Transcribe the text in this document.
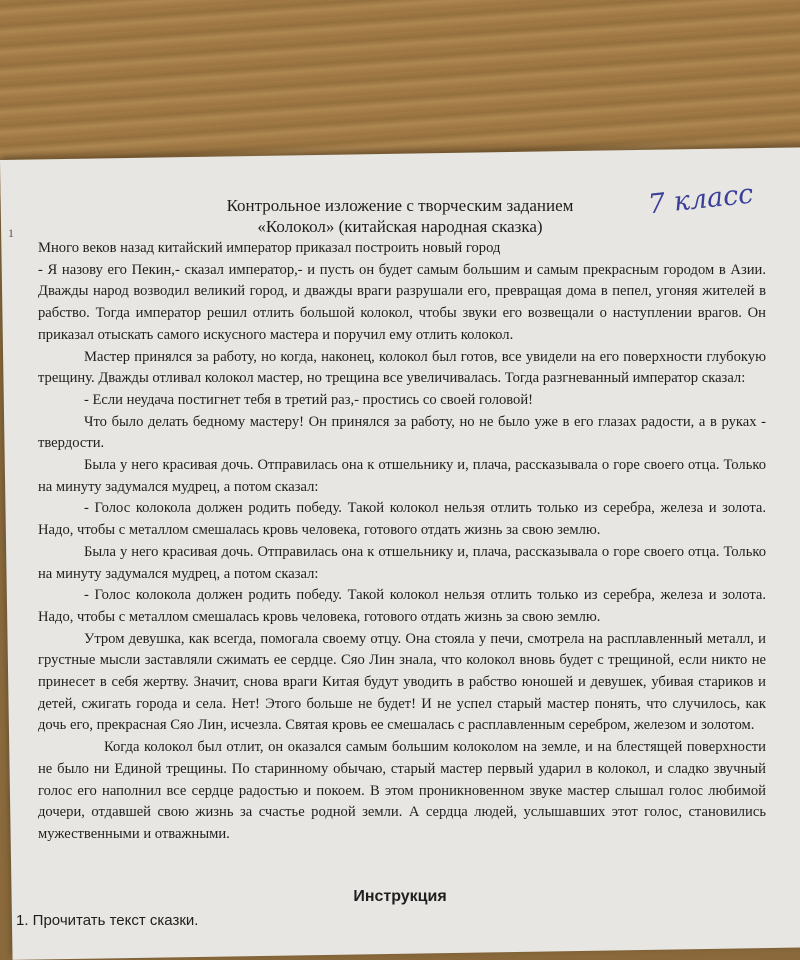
7 класс
1
Контрольное изложение с творческим заданием
«Колокол» (китайская народная сказка)

Много веков назад китайский император приказал построить новый город

- Я назову его Пекин,- сказал император,- и пусть он будет самым большим и самым прекрасным городом в Азии. Дважды народ возводил великий город, и дважды враги разрушали его, превращая дома в пепел, угоняя жителей в рабство. Тогда император решил отлить большой колокол, чтобы звуки его возвещали о наступлении врагов. Он приказал отыскать самого искусного мастера и поручил ему отлить колокол.

Мастер принялся за работу, но когда, наконец, колокол был готов, все увидели на его поверхности глубокую трещину. Дважды отливал колокол мастер, но трещина все увеличивалась. Тогда разгневанный император сказал:

- Если неудача постигнет тебя в третий раз,- простись со своей головой!

Что было делать бедному мастеру! Он принялся за работу, но не было уже в его глазах радости, а в руках - твердости.

Была у него красивая дочь. Отправилась она к отшельнику и, плача, рассказывала о горе своего отца. Только на минуту задумался мудрец, а потом сказал:

- Голос колокола должен родить победу. Такой колокол нельзя отлить только из серебра, железа и золота. Надо, чтобы с металлом смешалась кровь человека, готового отдать жизнь за свою землю.

Была у него красивая дочь. Отправилась она к отшельнику и, плача, рассказывала о горе своего отца. Только на минуту задумался мудрец, а потом сказал:

- Голос колокола должен родить победу. Такой колокол нельзя отлить только из серебра, железа и золота. Надо, чтобы с металлом смешалась кровь человека, готового отдать жизнь за свою землю.

Утром девушка, как всегда, помогала своему отцу. Она стояла у печи, смотрела на расплавленный металл, и грустные мысли заставляли сжимать ее сердце. Сяо Лин знала, что колокол вновь будет с трещиной, если никто не принесет в себя жертву. Значит, снова враги Китая будут уводить в рабство юношей и девушек, убивая стариков и детей, сжигать города и села. Нет! Этого больше не будет! И не успел старый мастер понять, что случилось, как дочь его, прекрасная Сяо Лин, исчезла. Святая кровь ее смешалась с расплавленным серебром, железом и золотом.

Когда колокол был отлит, он оказался самым большим колоколом на земле, и на блестящей поверхности не было ни Единой трещины. По старинному обычаю, старый мастер первый ударил в колокол, и сладко звучный голос его наполнил все сердце радостью и покоем. В этом проникновенном звуке мастер слышал голос любимой дочери, отдавшей свою жизнь за счастье родной земли. А сердца людей, услышавших этот голос, становились мужественными и отважными.

Инструкция
1. Прочитать текст сказки.
